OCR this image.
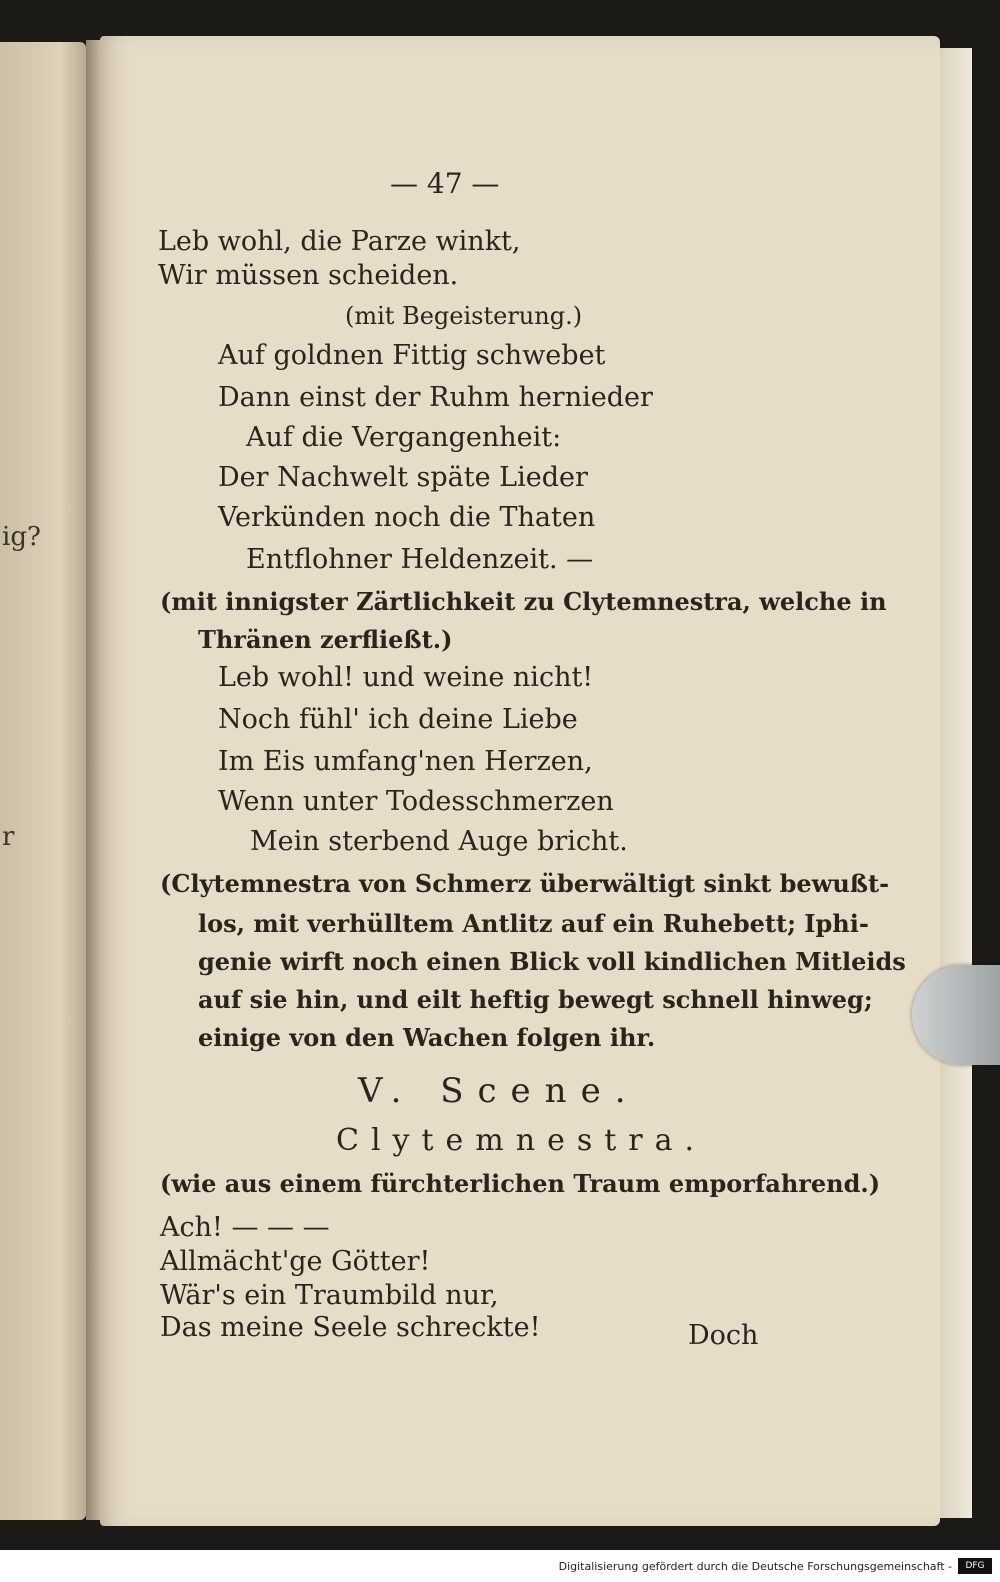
ig?
r
— 47 —
Leb wohl, die Parze winkt,
Wir müssen scheiden.
(mit Begeisterung.)
Auf goldnen Fittig schwebet
Dann einst der Ruhm hernieder
Auf die Vergangenheit:
Der Nachwelt späte Lieder
Verkünden noch die Thaten
Entflohner Heldenzeit. —
(mit innigster Zärtlichkeit zu Clytemnestra, welche in
Thränen zerfließt.)
Leb wohl! und weine nicht!
Noch fühl' ich deine Liebe
Im Eis umfang'nen Herzen,
Wenn unter Todesschmerzen
Mein sterbend Auge bricht.
(Clytemnestra von Schmerz überwältigt sinkt bewußt-
los, mit verhülltem Antlitz auf ein Ruhebett; Iphi-
genie wirft noch einen Blick voll kindlichen Mitleids
auf sie hin, und eilt heftig bewegt schnell hinweg;
einige von den Wachen folgen ihr.
V. Scene.
Clytemnestra.
(wie aus einem fürchterlichen Traum emporfahrend.)
Ach! — — —
Allmächt'ge Götter!
Wär's ein Traumbild nur,
Das meine Seele schreckte!	Doch
Digitalisierung gefördert durch die Deutsche Forschungsgemeinschaft -	DFG
